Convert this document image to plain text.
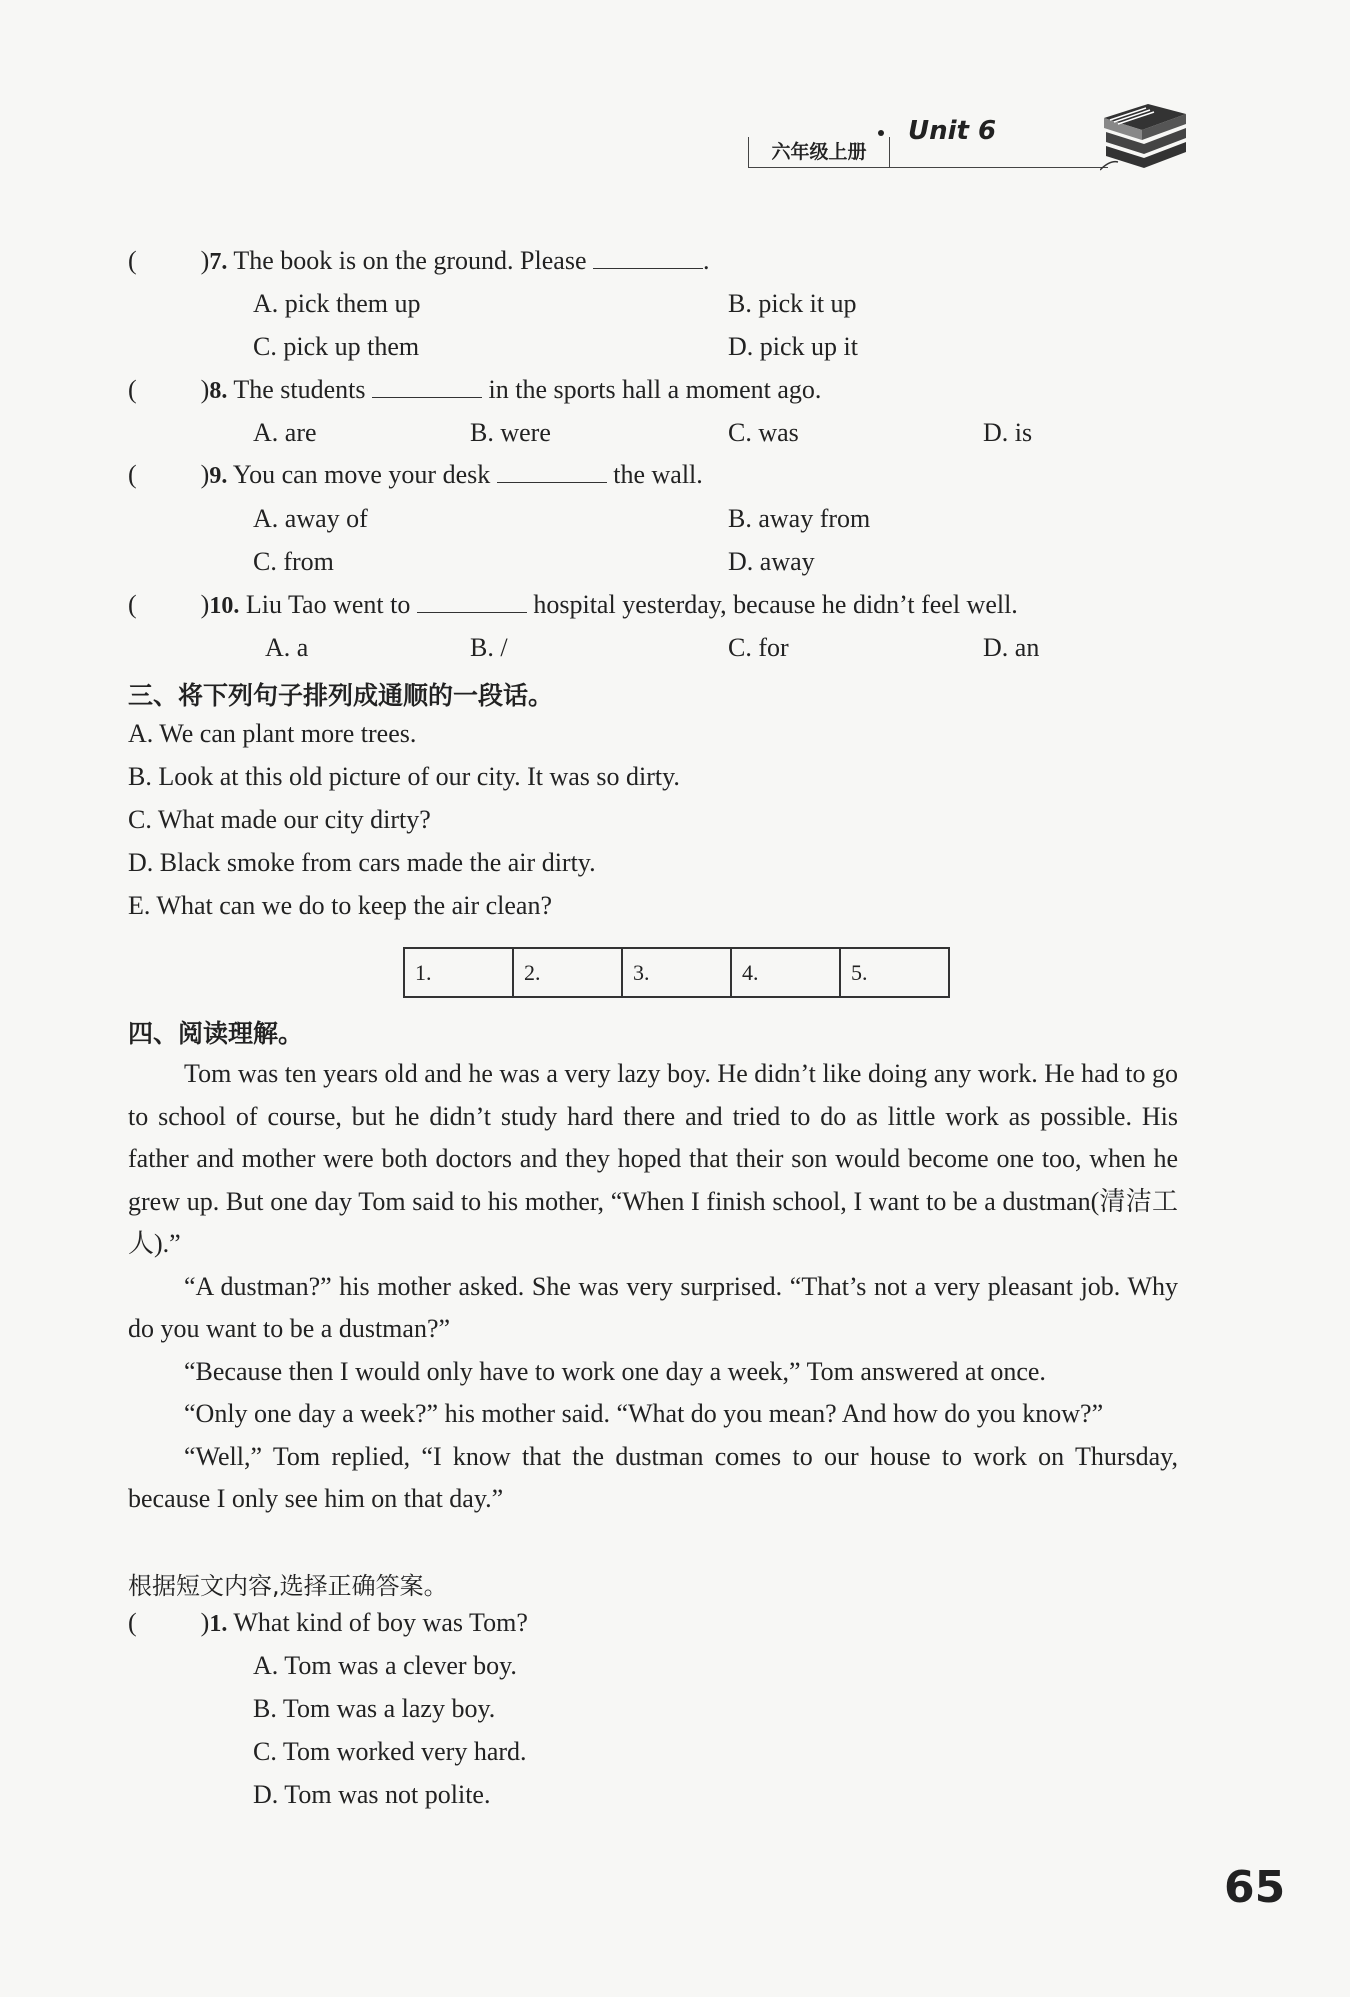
六年级上册
Unit 6
( )7. The book is on the ground. Please	.
A. pick them up	B. pick it up
C. pick up them	D. pick up it
( )8. The students	in the sports hall a moment ago.
A. are	B. were	C. was	D. is
( )9. You can move your desk	the wall.
A. away of	B. away from
C. from	D. away
( )10. Liu Tao went to	hospital yesterday, because he didn’t feel well.
A. a	B. /	C. for	D. an
三、将下列句子排列成通顺的一段话。
A. We can plant more trees.
B. Look at this old picture of our city. It was so dirty.
C. What made our city dirty?
D. Black smoke from cars made the air dirty.
E. What can we do to keep the air clean?
1.	2.	3.	4.	5.
四、阅读理解。

Tom was ten years old and he was a very lazy boy. He didn’t like doing any work. He had to go to school of course, but he didn’t study hard there and tried to do as little work as possible. His father and mother were both doctors and they hoped that their son would become one too, when he grew up. But one day Tom said to his mother, “When I finish school, I want to be a dustman(清洁工人).”

“A dustman?” his mother asked. She was very surprised. “That’s not a very pleasant job. Why do you want to be a dustman?”

“Because then I would only have to work one day a week,” Tom answered at once.

“Only one day a week?” his mother said. “What do you mean? And how do you know?”

“Well,” Tom replied, “I know that the dustman comes to our house to work on Thursday, because I only see him on that day.”

根据短文内容,选择正确答案。
( )1. What kind of boy was Tom?
A. Tom was a clever boy.
B. Tom was a lazy boy.
C. Tom worked very hard.
D. Tom was not polite.
65
